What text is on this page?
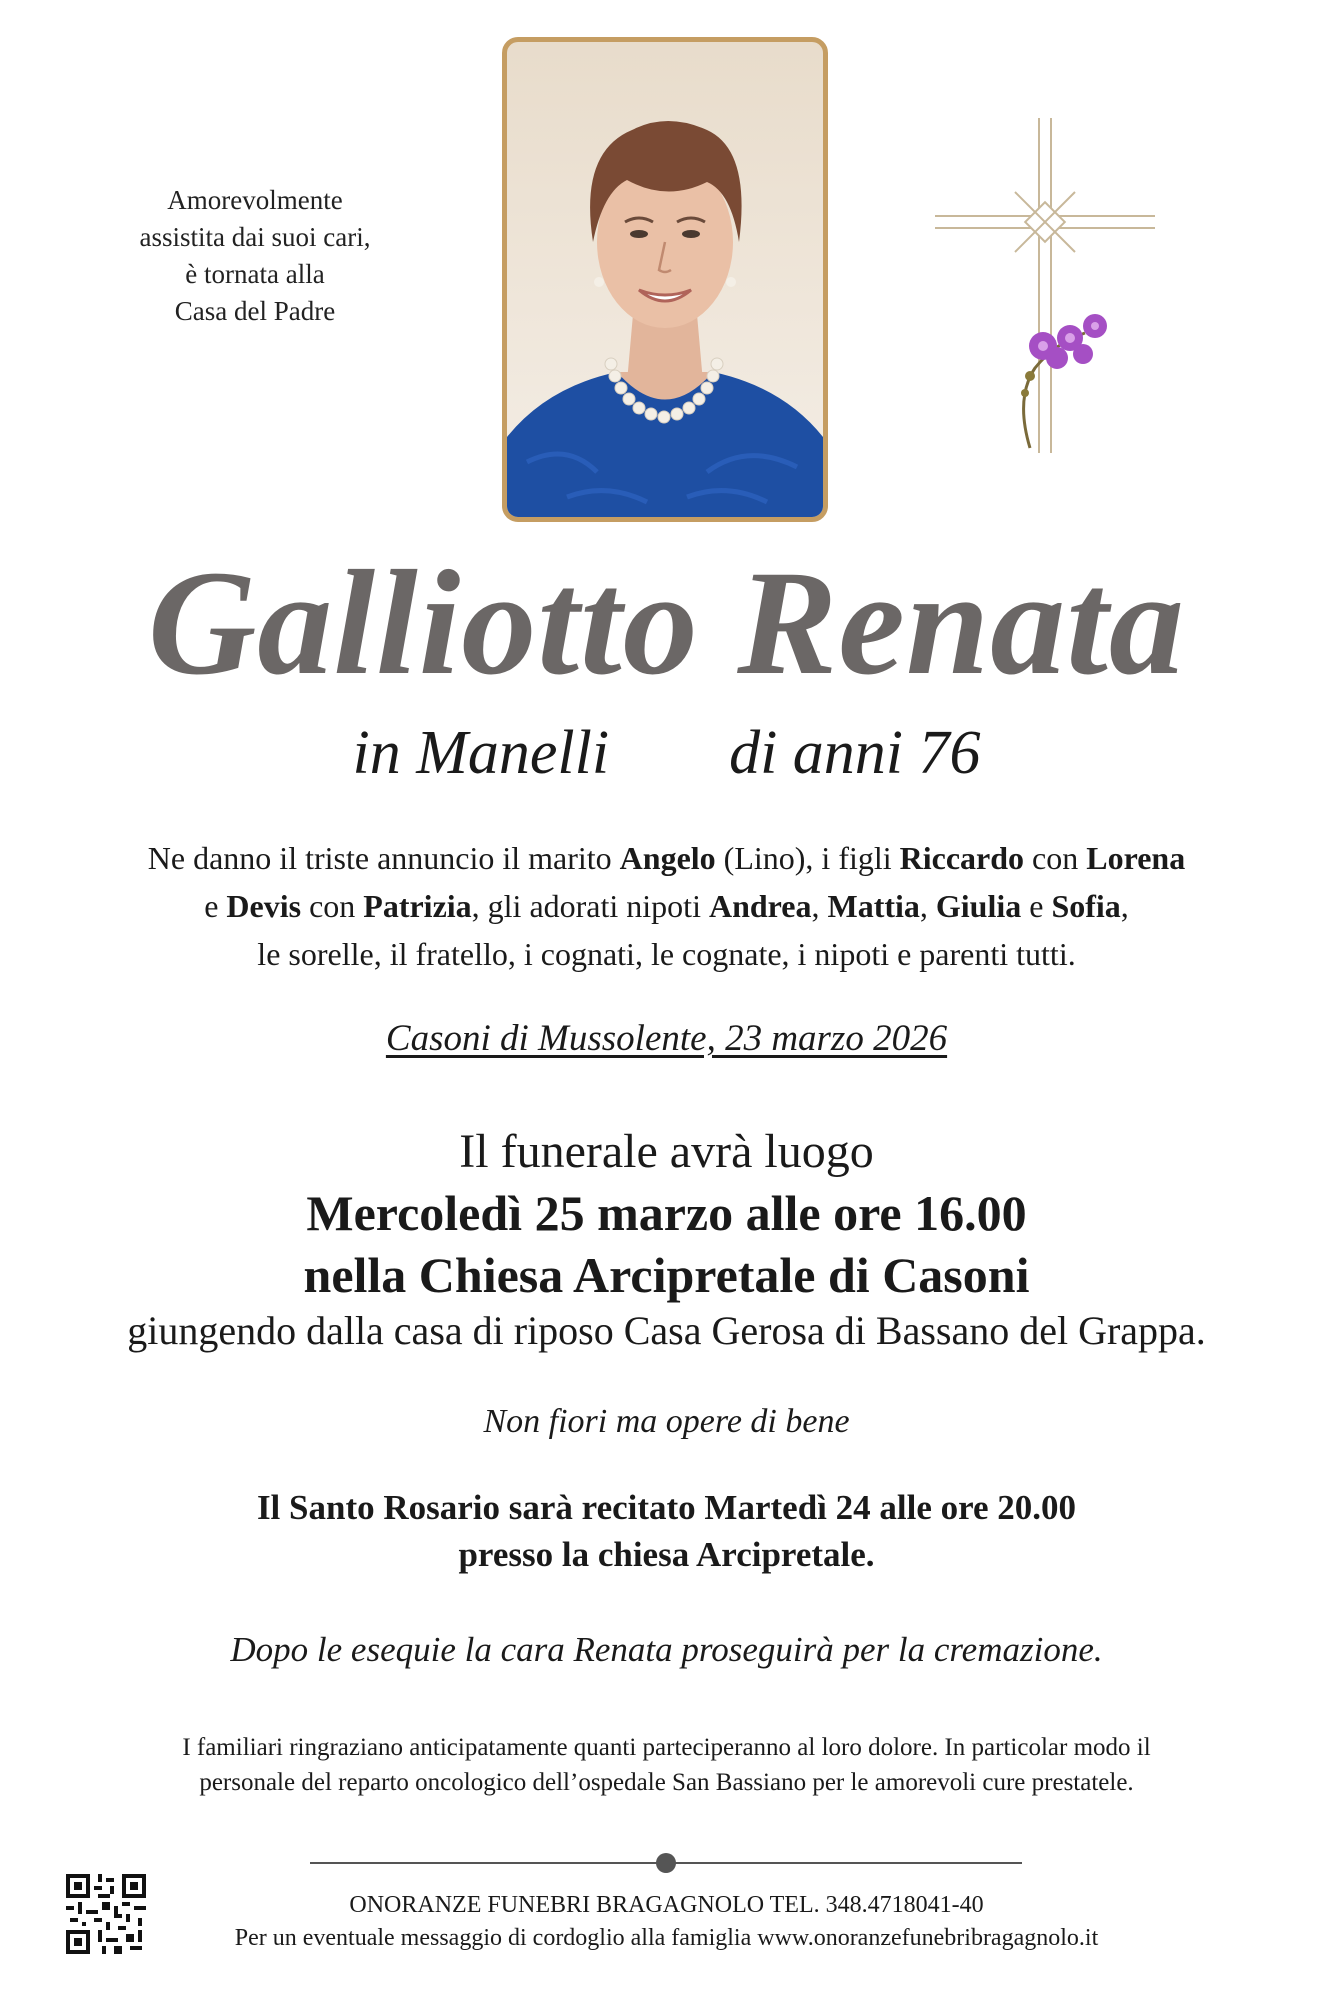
Amorevolmente
assistita dai suoi cari,
è tornata alla
Casa del Padre
Galliotto Renata
in Manelli di anni 76
Ne danno il triste annuncio il marito Angelo (Lino), i figli Riccardo con Lorena
e Devis con Patrizia, gli adorati nipoti Andrea, Mattia, Giulia e Sofia,
le sorelle, il fratello, i cognati, le cognate, i nipoti e parenti tutti.
Casoni di Mussolente, 23 marzo 2026
Il funerale avrà luogo
Mercoledì 25 marzo alle ore 16.00
nella Chiesa Arcipretale di Casoni
giungendo dalla casa di riposo Casa Gerosa di Bassano del Grappa.
Non fiori ma opere di bene
Il Santo Rosario sarà recitato Martedì 24 alle ore 20.00
presso la chiesa Arcipretale.
Dopo le esequie la cara Renata proseguirà per la cremazione.
I familiari ringraziano anticipatamente quanti parteciperanno al loro dolore. In particolar modo il
personale del reparto oncologico dell’ospedale San Bassiano per le amorevoli cure prestatele.
ONORANZE FUNEBRI BRAGAGNOLO TEL. 348.4718041-40
Per un eventuale messaggio di cordoglio alla famiglia www.onoranzefunebribragagnolo.it
